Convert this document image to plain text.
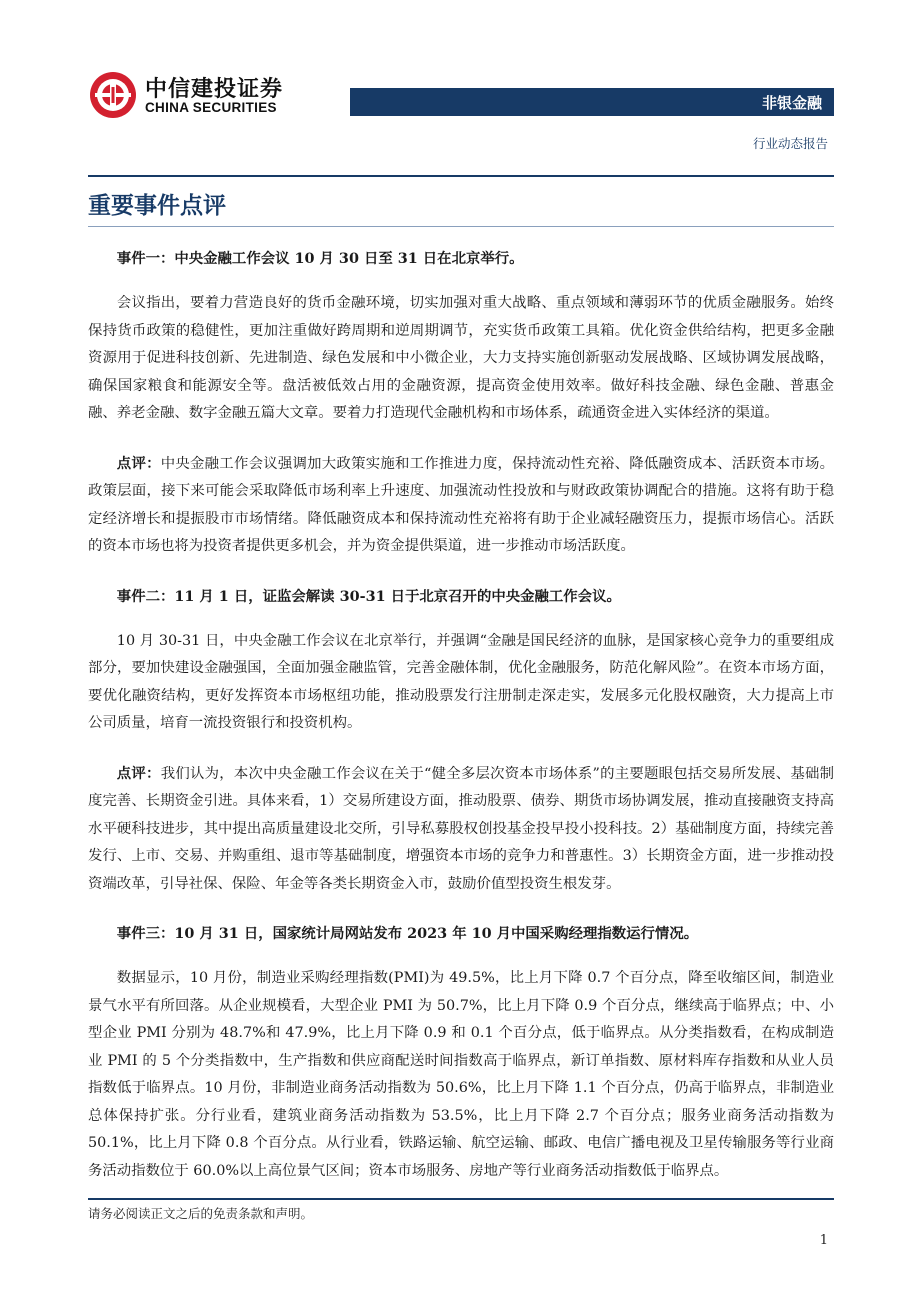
中信建投证券
CHINA SECURITIES	非银金融
行业动态报告
重要事件点评

事件一：中央金融工作会议 10 月 30 日至 31 日在北京举行。

会议指出，要着力营造良好的货币金融环境，切实加强对重大战略、重点领域和薄弱环节的优质金融服务。始终保持货币政策的稳健性，更加注重做好跨周期和逆周期调节，充实货币政策工具箱。优化资金供给结构，把更多金融资源用于促进科技创新、先进制造、绿色发展和中小微企业，大力支持实施创新驱动发展战略、区域协调发展战略，确保国家粮食和能源安全等。盘活被低效占用的金融资源，提高资金使用效率。做好科技金融、绿色金融、普惠金融、养老金融、数字金融五篇大文章。要着力打造现代金融机构和市场体系，疏通资金进入实体经济的渠道。

点评：中央金融工作会议强调加大政策实施和工作推进力度，保持流动性充裕、降低融资成本、活跃资本市场。政策层面，接下来可能会采取降低市场利率上升速度、加强流动性投放和与财政政策协调配合的措施。这将有助于稳定经济增长和提振股市市场情绪。降低融资成本和保持流动性充裕将有助于企业减轻融资压力，提振市场信心。活跃的资本市场也将为投资者提供更多机会，并为资金提供渠道，进一步推动市场活跃度。

事件二：11 月 1 日，证监会解读 30-31 日于北京召开的中央金融工作会议。

10 月 30-31 日，中央金融工作会议在北京举行，并强调“金融是国民经济的血脉，是国家核心竞争力的重要组成部分，要加快建设金融强国，全面加强金融监管，完善金融体制，优化金融服务，防范化解风险”。在资本市场方面，要优化融资结构，更好发挥资本市场枢纽功能，推动股票发行注册制走深走实，发展多元化股权融资，大力提高上市公司质量，培育一流投资银行和投资机构。

点评：我们认为，本次中央金融工作会议在关于“健全多层次资本市场体系”的主要题眼包括交易所发展、基础制度完善、长期资金引进。具体来看，1）交易所建设方面，推动股票、债券、期货市场协调发展，推动直接融资支持高水平硬科技进步，其中提出高质量建设北交所，引导私募股权创投基金投早投小投科技。2）基础制度方面，持续完善发行、上市、交易、并购重组、退市等基础制度，增强资本市场的竞争力和普惠性。3）长期资金方面，进一步推动投资端改革，引导社保、保险、年金等各类长期资金入市，鼓励价值型投资生根发芽。

事件三：10 月 31 日，国家统计局网站发布 2023 年 10 月中国采购经理指数运行情况。

数据显示，10 月份，制造业采购经理指数(PMI)为 49.5%，比上月下降 0.7 个百分点，降至收缩区间，制造业景气水平有所回落。从企业规模看，大型企业 PMI 为 50.7%，比上月下降 0.9 个百分点，继续高于临界点；中、小型企业 PMI 分别为 48.7%和 47.9%，比上月下降 0.9 和 0.1 个百分点，低于临界点。从分类指数看，在构成制造业 PMI 的 5 个分类指数中，生产指数和供应商配送时间指数高于临界点，新订单指数、原材料库存指数和从业人员指数低于临界点。10 月份，非制造业商务活动指数为 50.6%，比上月下降 1.1 个百分点，仍高于临界点，非制造业总体保持扩张。分行业看，建筑业商务活动指数为 53.5%，比上月下降 2.7 个百分点；服务业商务活动指数为 50.1%，比上月下降 0.8 个百分点。从行业看，铁路运输、航空运输、邮政、电信广播电视及卫星传输服务等行业商务活动指数位于 60.0%以上高位景气区间；资本市场服务、房地产等行业商务活动指数低于临界点。

请务必阅读正文之后的免责条款和声明。
1
